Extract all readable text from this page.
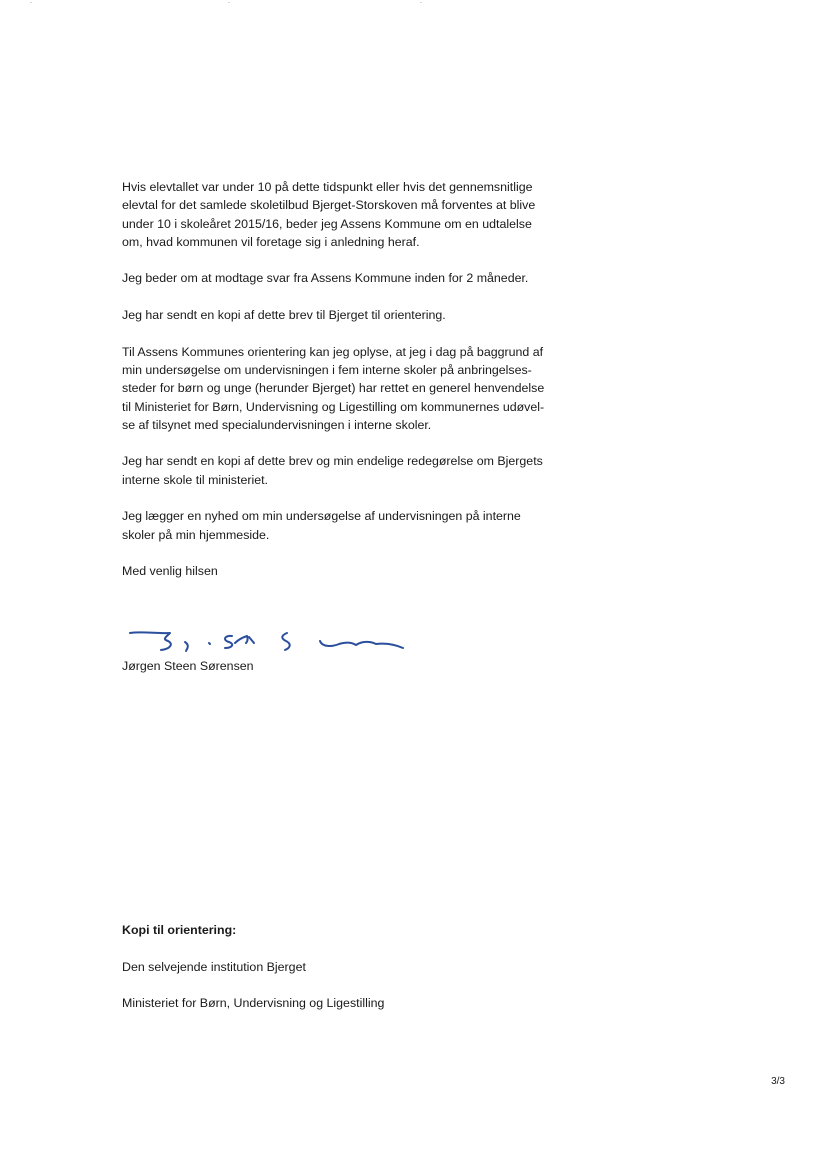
Hvis elevtallet var under 10 på dette tidspunkt eller hvis det gennemsnitlige
elevtal for det samlede skoletilbud Bjerget-Storskoven må forventes at blive
under 10 i skoleåret 2015/16, beder jeg Assens Kommune om en udtalelse
om, hvad kommunen vil foretage sig i anledning heraf.

Jeg beder om at modtage svar fra Assens Kommune inden for 2 måneder.

Jeg har sendt en kopi af dette brev til Bjerget til orientering.

Til Assens Kommunes orientering kan jeg oplyse, at jeg i dag på baggrund af
min undersøgelse om undervisningen i fem interne skoler på anbringelses-
steder for børn og unge (herunder Bjerget) har rettet en generel henvendelse
til Ministeriet for Børn, Undervisning og Ligestilling om kommunernes udøvel-
se af tilsynet med specialundervisningen i interne skoler.

Jeg har sendt en kopi af dette brev og min endelige redegørelse om Bjergets
interne skole til ministeriet.

Jeg lægger en nyhed om min undersøgelse af undervisningen på interne
skoler på min hjemmeside.

Med venlig hilsen

Jørgen Steen Sørensen

Kopi til orientering:

Den selvejende institution Bjerget

Ministeriet for Børn, Undervisning og Ligestilling

3/3
